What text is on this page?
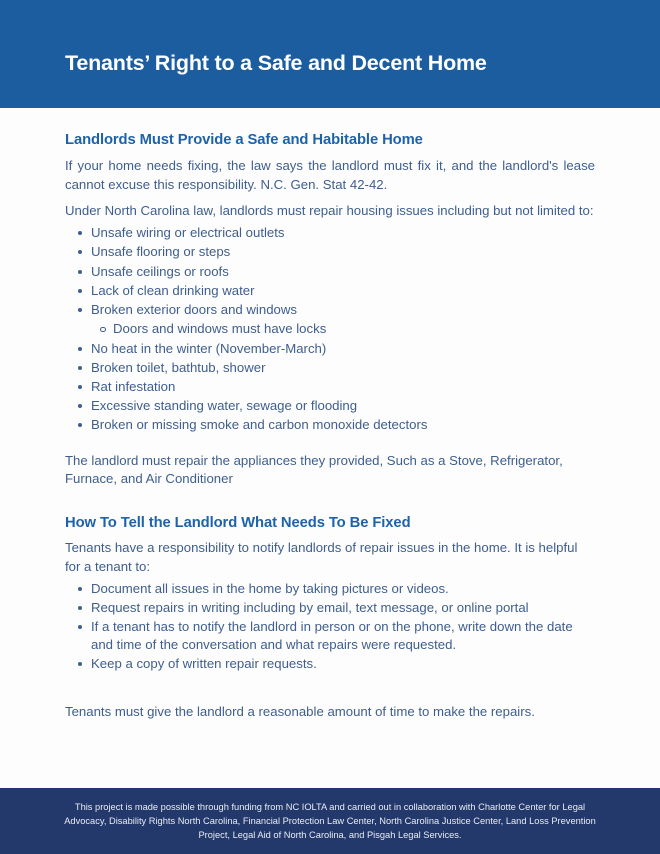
Tenants’ Right to a Safe and Decent Home
Landlords Must Provide a Safe and Habitable Home

If your home needs fixing, the law says the landlord must fix it, and the landlord's lease cannot excuse this responsibility. N.C. Gen. Stat 42-42.

Under North Carolina law, landlords must repair housing issues including but not limited to:

Unsafe wiring or electrical outlets
Unsafe flooring or steps
Unsafe ceilings or roofs
Lack of clean drinking water
Broken exterior doors and windows
Doors and windows must have locks
No heat in the winter (November-March)
Broken toilet, bathtub, shower
Rat infestation
Excessive standing water, sewage or flooding
Broken or missing smoke and carbon monoxide detectors

The landlord must repair the appliances they provided, Such as a Stove, Refrigerator, Furnace, and Air Conditioner

How To Tell the Landlord What Needs To Be Fixed

Tenants have a responsibility to notify landlords of repair issues in the home. It is helpful for a tenant to:

Document all issues in the home by taking pictures or videos.
Request repairs in writing including by email, text message, or online portal
If a tenant has to notify the landlord in person or on the phone, write down the date and time of the conversation and what repairs were requested.
Keep a copy of written repair requests.

Tenants must give the landlord a reasonable amount of time to make the repairs.

This project is made possible through funding from NC IOLTA and carried out in collaboration with Charlotte Center for Legal Advocacy, Disability Rights North Carolina, Financial Protection Law Center, North Carolina Justice Center, Land Loss Prevention Project, Legal Aid of North Carolina, and Pisgah Legal Services.
